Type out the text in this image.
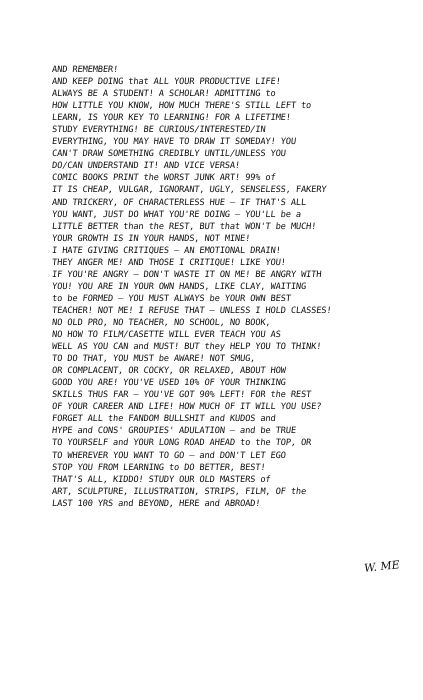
AND REMEMBER!
AND KEEP DOING that ALL YOUR PRODUCTIVE LIFE!
ALWAYS BE A STUDENT! A SCHOLAR! ADMITTING to
HOW LITTLE YOU KNOW, HOW MUCH THERE'S STILL LEFT to
LEARN, IS YOUR KEY TO LEARNING! FOR A LIFETIME!
STUDY EVERYTHING! BE CURIOUS/INTERESTED/IN
EVERYTHING, YOU MAY HAVE TO DRAW IT SOMEDAY! YOU
CAN'T DRAW SOMETHING CREDIBLY UNTIL/UNLESS YOU
DO/CAN UNDERSTAND IT! AND VICE VERSA!
COMIC BOOKS PRINT the WORST JUNK ART! 99% of
IT IS CHEAP, VULGAR, IGNORANT, UGLY, SENSELESS, FAKERY
AND TRICKERY, OF CHARACTERLESS HUE — IF THAT'S ALL
YOU WANT, JUST DO WHAT YOU'RE DOING — YOU'LL be a
LITTLE BETTER than the REST, BUT that WON'T be MUCH!
YOUR GROWTH IS IN YOUR HANDS, NOT MINE!
I HATE GIVING CRITIQUES — AN EMOTIONAL DRAIN!
THEY ANGER ME! AND THOSE I CRITIQUE! LIKE YOU!
IF YOU'RE ANGRY — DON'T WASTE IT ON ME! BE ANGRY WITH
YOU! YOU ARE IN YOUR OWN HANDS, LIKE CLAY, WAITING
to be FORMED — YOU MUST ALWAYS be YOUR OWN BEST
TEACHER! NOT ME! I REFUSE THAT — UNLESS I HOLD CLASSES!
NO OLD PRO, NO TEACHER, NO SCHOOL, NO BOOK,
NO HOW TO FILM/CASETTE WILL EVER TEACH YOU AS
WELL AS YOU CAN and MUST! BUT they HELP YOU TO THINK!
TO DO THAT, YOU MUST be AWARE! NOT SMUG,
OR COMPLACENT, OR COCKY, OR RELAXED, ABOUT HOW
GOOD YOU ARE! YOU'VE USED 10% OF YOUR THINKING
SKILLS THUS FAR — YOU'VE GOT 90% LEFT! FOR the REST
OF YOUR CAREER AND LIFE! HOW MUCH OF IT WILL YOU USE?
FORGET ALL the FANDOM BULLSHIT and KUDOS and
HYPE and CONS' GROUPIES' ADULATION — and be TRUE
TO YOURSELF and YOUR LONG ROAD AHEAD to the TOP, OR
TO WHEREVER YOU WANT TO GO — and DON'T LET EGO
STOP YOU FROM LEARNING to DO BETTER, BEST!
THAT'S ALL, KIDDO! STUDY OUR OLD MASTERS of
ART, SCULPTURE, ILLUSTRATION, STRIPS, FILM, OF the
LAST 100 YRS and BEYOND, HERE and ABROAD!
W. ME
